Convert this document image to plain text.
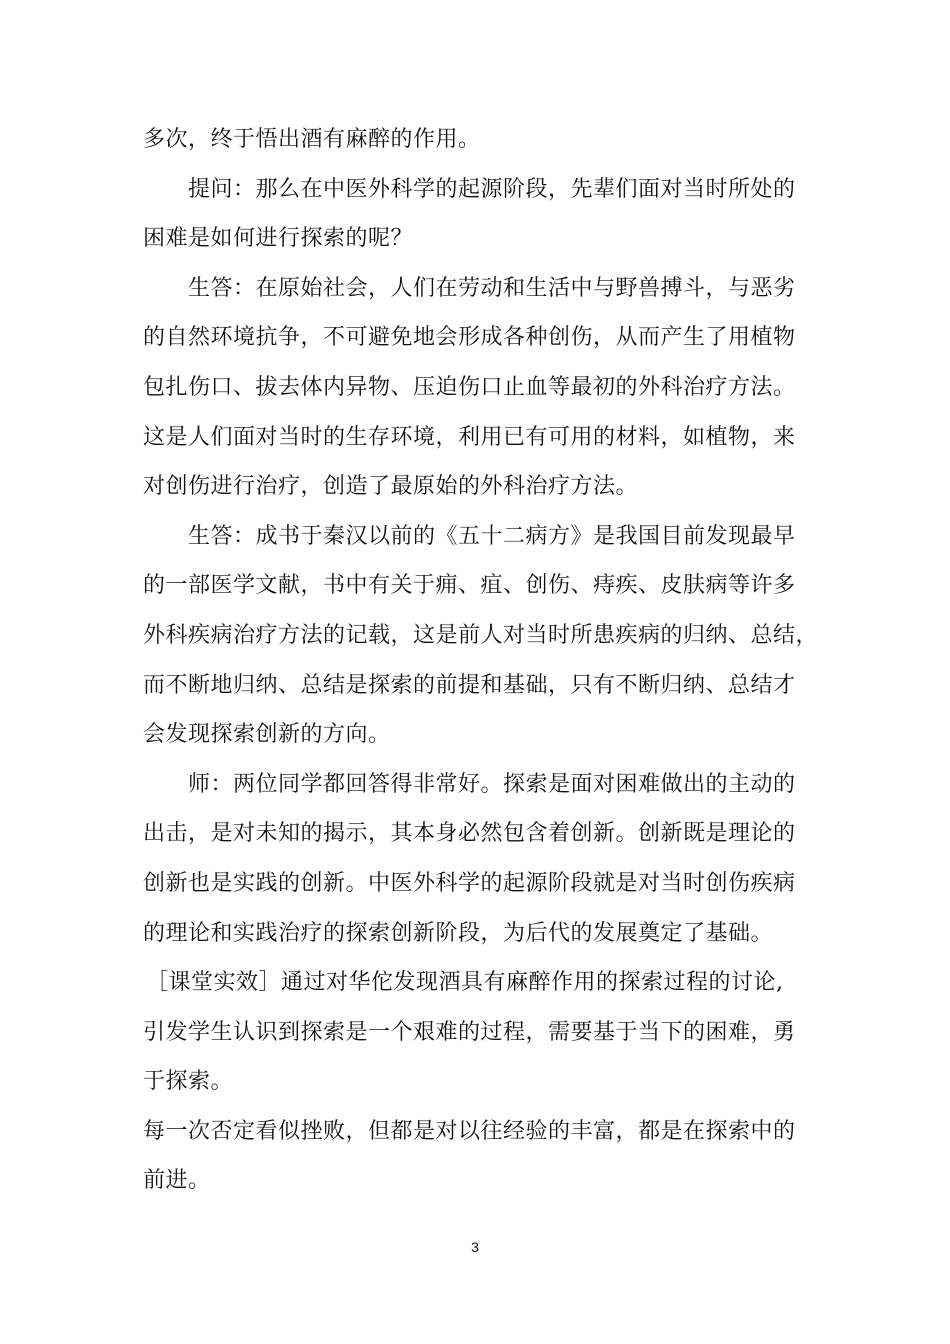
多次，终于悟出酒有麻醉的作用。
提问：那么在中医外科学的起源阶段，先辈们面对当时所处的
困难是如何进行探索的呢？
生答：在原始社会，人们在劳动和生活中与野兽搏斗，与恶劣
的自然环境抗争，不可避免地会形成各种创伤，从而产生了用植物
包扎伤口、拔去体内异物、压迫伤口止血等最初的外科治疗方法。
这是人们面对当时的生存环境，利用已有可用的材料，如植物，来
对创伤进行治疗，创造了最原始的外科治疗方法。
生答：成书于秦汉以前的《五十二病方》是我国目前发现最早
的一部医学文献，书中有关于痈、疽、创伤、痔疾、皮肤病等许多
外科疾病治疗方法的记载，这是前人对当时所患疾病的归纳、总结，
而不断地归纳、总结是探索的前提和基础，只有不断归纳、总结才
会发现探索创新的方向。
师：两位同学都回答得非常好。探索是面对困难做出的主动的
出击，是对未知的揭示，其本身必然包含着创新。创新既是理论的
创新也是实践的创新。中医外科学的起源阶段就是对当时创伤疾病
的理论和实践治疗的探索创新阶段，为后代的发展奠定了基础。
［课堂实效］通过对华佗发现酒具有麻醉作用的探索过程的讨论,
引发学生认识到探索是一个艰难的过程，需要基于当下的困难，勇
于探索。
每一次否定看似挫败，但都是对以往经验的丰富，都是在探索中的
前进。
3
